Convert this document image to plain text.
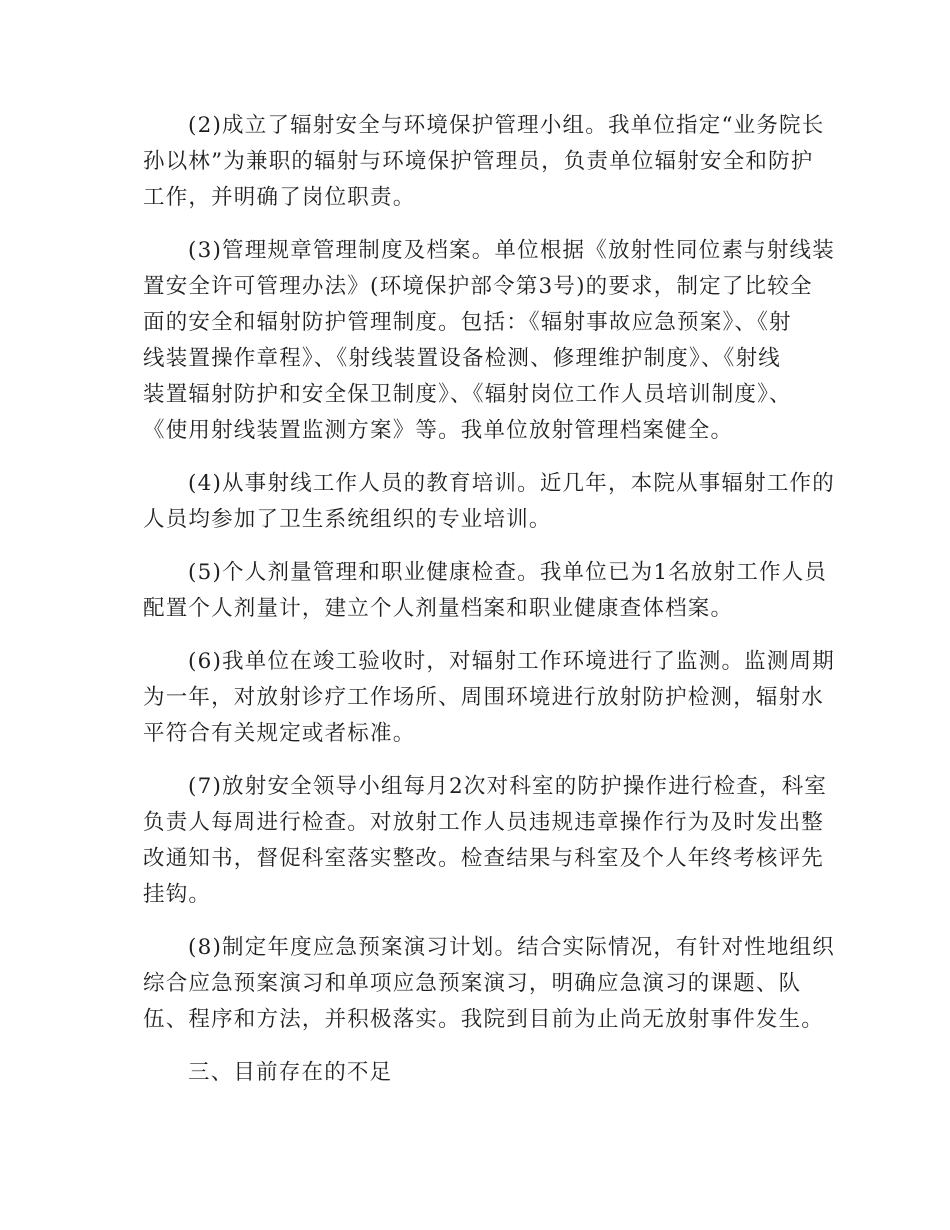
(2)成立了辐射安全与环境保护管理小组。我单位指定“业务院长
孙以林”为兼职的辐射与环境保护管理员，负责单位辐射安全和防护
工作，并明确了岗位职责。
(3)管理规章管理制度及档案。单位根据《放射性同位素与射线装
置安全许可管理办法》(环境保护部令第3号)的要求，制定了比较全
面的安全和辐射防护管理制度。包括：《辐射事故应急预案》、《射
线装置操作章程》、《射线装置设备检测、修理维护制度》、《射线
装置辐射防护和安全保卫制度》、《辐射岗位工作人员培训制度》、
《使用射线装置监测方案》等。我单位放射管理档案健全。
(4)从事射线工作人员的教育培训。近几年，本院从事辐射工作的
人员均参加了卫生系统组织的专业培训。
(5)个人剂量管理和职业健康检查。我单位已为1名放射工作人员
配置个人剂量计，建立个人剂量档案和职业健康查体档案。
(6)我单位在竣工验收时，对辐射工作环境进行了监测。监测周期
为一年，对放射诊疗工作场所、周围环境进行放射防护检测，辐射水
平符合有关规定或者标准。
(7)放射安全领导小组每月2次对科室的防护操作进行检查，科室
负责人每周进行检查。对放射工作人员违规违章操作行为及时发出整
改通知书，督促科室落实整改。检查结果与科室及个人年终考核评先
挂钩。
(8)制定年度应急预案演习计划。结合实际情况，有针对性地组织
综合应急预案演习和单项应急预案演习，明确应急演习的课题、队
伍、程序和方法，并积极落实。我院到目前为止尚无放射事件发生。
三、目前存在的不足
